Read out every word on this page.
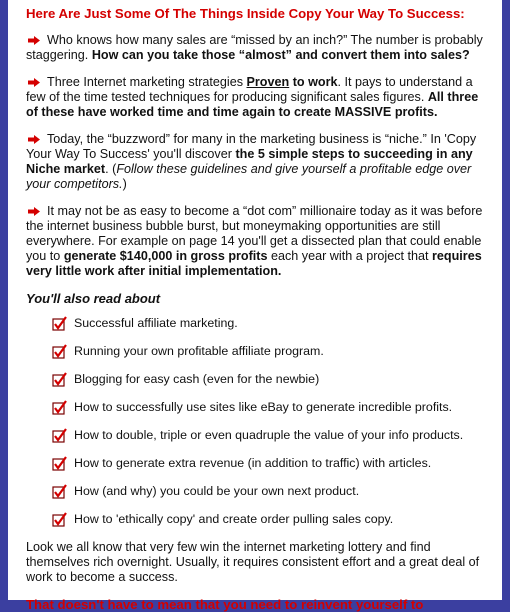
Here Are Just Some Of The Things Inside Copy Your Way To Success:

Who knows how many sales are “missed by an inch?” The number is probably staggering. How can you take those “almost” and convert them into sales?

Three Internet marketing strategies Proven to work. It pays to understand a few of the time tested techniques for producing significant sales figures. All three of these have worked time and time again to create MASSIVE profits.

Today, the “buzzword” for many in the marketing business is “niche.” In 'Copy Your Way To Success' you'll discover the 5 simple steps to succeeding in any Niche market. (Follow these guidelines and give yourself a profitable edge over your competitors.)

It may not be as easy to become a “dot com” millionaire today as it was before the internet business bubble burst, but moneymaking opportunities are still everywhere. For example on page 14 you'll get a dissected plan that could enable you to generate $140,000 in gross profits each year with a project that requires very little work after initial implementation.

You'll also read about
Successful affiliate marketing.
Running your own profitable affiliate program.
Blogging for easy cash (even for the newbie)
How to successfully use sites like eBay to generate incredible profits.
How to double, triple or even quadruple the value of your info products.
How to generate extra revenue (in addition to traffic) with articles.
How (and why) you could be your own next product.
How to 'ethically copy' and create order pulling sales copy.

Look we all know that very few win the internet marketing lottery and find themselves rich overnight. Usually, it requires consistent effort and a great deal of work to become a success.

That doesn't have to mean that you need to reinvent yourself to
